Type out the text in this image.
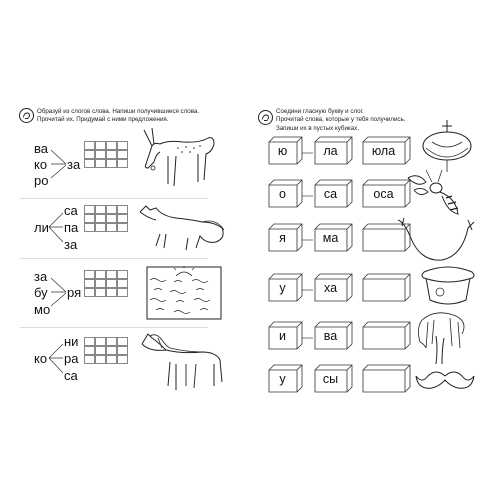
Образуй из слогов слова. Напиши получившиеся слова.
Прочитай их. Придумай с ними предложения.
ва
ко
ро
за
ли
са
па
за
за
бу
мо
ря
ко
ни
ра
са
Соедини гласную букву и слог.
Прочитай слова, которые у тебя получились.
Запиши их в пустых кубиках.
ю	ла	юла
о	са	оса
я	ма
у	ха
и	ва
у	сы
